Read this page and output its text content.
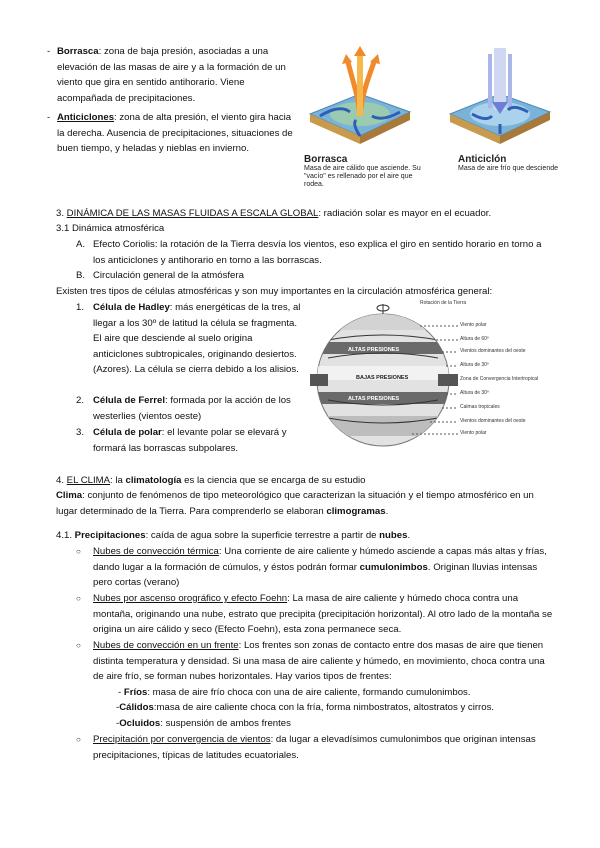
- Borrasca: zona de baja presión, asociadas a una elevación de las masas de aire y a la formación de un viento que gira en sentido antihorario. Viene acompañada de precipitaciones.
- Anticiclones: zona de alta presión, el viento gira hacia la derecha. Ausencia de precipitaciones, situaciones de buen tiempo, y heladas y nieblas en invierno.
Borrasca
Masa de aire cálido que asciende. Su "vacío" es rellenado por el aire que rodea.
Anticiclón
Masa de aire frío que desciende
3. DINÁMICA DE LAS MASAS FLUIDAS A ESCALA GLOBAL: radiación solar es mayor en el ecuador.
3.1 Dinámica atmosférica
A. Efecto Coriolis: la rotación de la Tierra desvía los vientos, eso explica el giro en sentido horario en torno a los anticiclones y antihorario en torno a las borrascas.
B. Circulación general de la atmósfera
Existen tres tipos de células atmosféricas y son muy importantes en la circulación atmosférica general:
1. Célula de Hadley: más energéticas de la tres, al llegar a los 30º de latitud la célula se fragmenta. El aire que desciende al suelo origina anticiclones subtropicales, originando desiertos. (Azores). La célula se cierra debido a los alisios.
2. Célula de Ferrel: formada por la acción de los westerlies (vientos oeste)
3. Célula de polar: el levante polar se elevará y formará las borrascas subpolares.
ALTAS PRESIONES
BAJAS PRESIONES
ALTAS PRESIONES
Rotación de la Tierra
Viento polar
Altura de 60º
Vientos dominantes del oeste
Altura de 30º
Zona de Convergencia Intertropical
Altura de 30º
Calmas tropicales
Vientos dominantes del oeste
Viento polar
4. EL CLIMA: la climatología es la ciencia que se encarga de su estudio
Clima: conjunto de fenómenos de tipo meteorológico que caracterizan la situación y el tiempo atmosférico en un lugar determinado de la Tierra. Para comprenderlo se elaboran climogramas.
4.1. Precipitaciones: caída de agua sobre la superficie terrestre a partir de nubes.
○ Nubes de convección térmica: Una corriente de aire caliente y húmedo asciende a capas más altas y frías, dando lugar a la formación de cúmulos, y éstos podrán formar cumulonimbos. Originan lluvias intensas pero cortas (verano)
○ Nubes por ascenso orográfico y efecto Foehn: La masa de aire caliente y húmedo choca contra una montaña, originando una nube, estrato que precipita (precipitación horizontal). Al otro lado de la montaña se origina un aire cálido y seco (Efecto Foehn), esta zona permanece seca.
○ Nubes de convección en un frente: Los frentes son zonas de contacto entre dos masas de aire que tienen distinta temperatura y densidad. Si una masa de aire caliente y húmedo, en movimiento, choca contra una de aire frío, se forman nubes horizontales. Hay varios tipos de frentes:
- Fríos: masa de aire frío choca con una de aire caliente, formando cumulonimbos.
-Cálidos:masa de aire caliente choca con la fría, forma nimbostratos, altostratos y cirros.
-Ocluidos: suspensión de ambos frentes
○ Precipitación por convergencia de vientos: da lugar a elevadísimos cumulonimbos que originan intensas precipitaciones, típicas de latitudes ecuatoriales.
